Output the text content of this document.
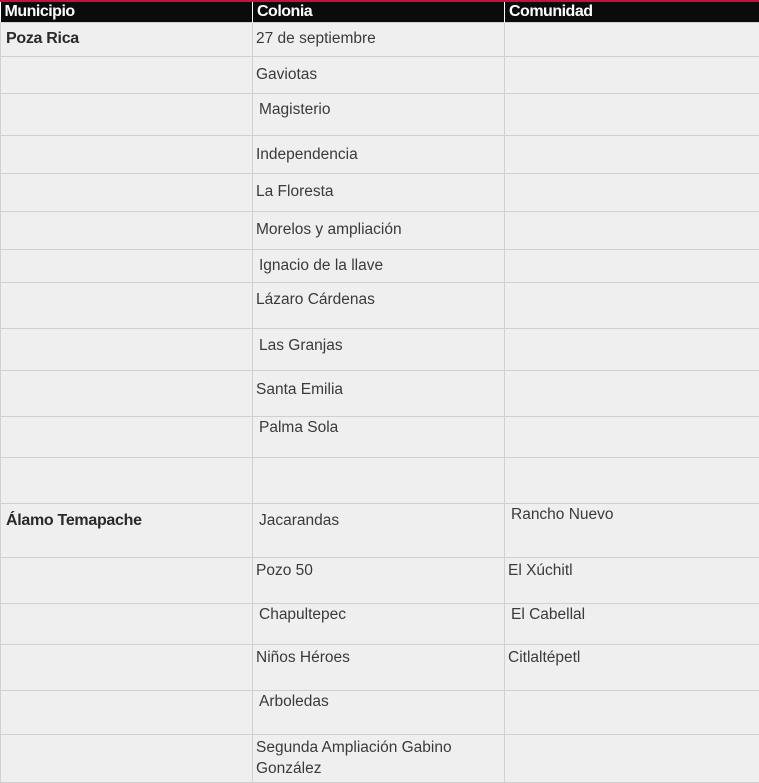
Municipio	Colonia	Comunidad
Poza Rica	27 de septiembre	
	Gaviotas	
	Magisterio	
	Independencia	
	La Floresta	
	Morelos y ampliación	
	Ignacio de la llave	
	Lázaro Cárdenas	
	Las Granjas	
	Santa Emilia	
	Palma Sola	

Álamo Temapache	Jacarandas	Rancho Nuevo
	Pozo 50	El Xúchitl
	Chapultepec	El Cabellal
	Niños Héroes	Citlaltépetl
	Arboledas	
	Segunda Ampliación Gabino González	
